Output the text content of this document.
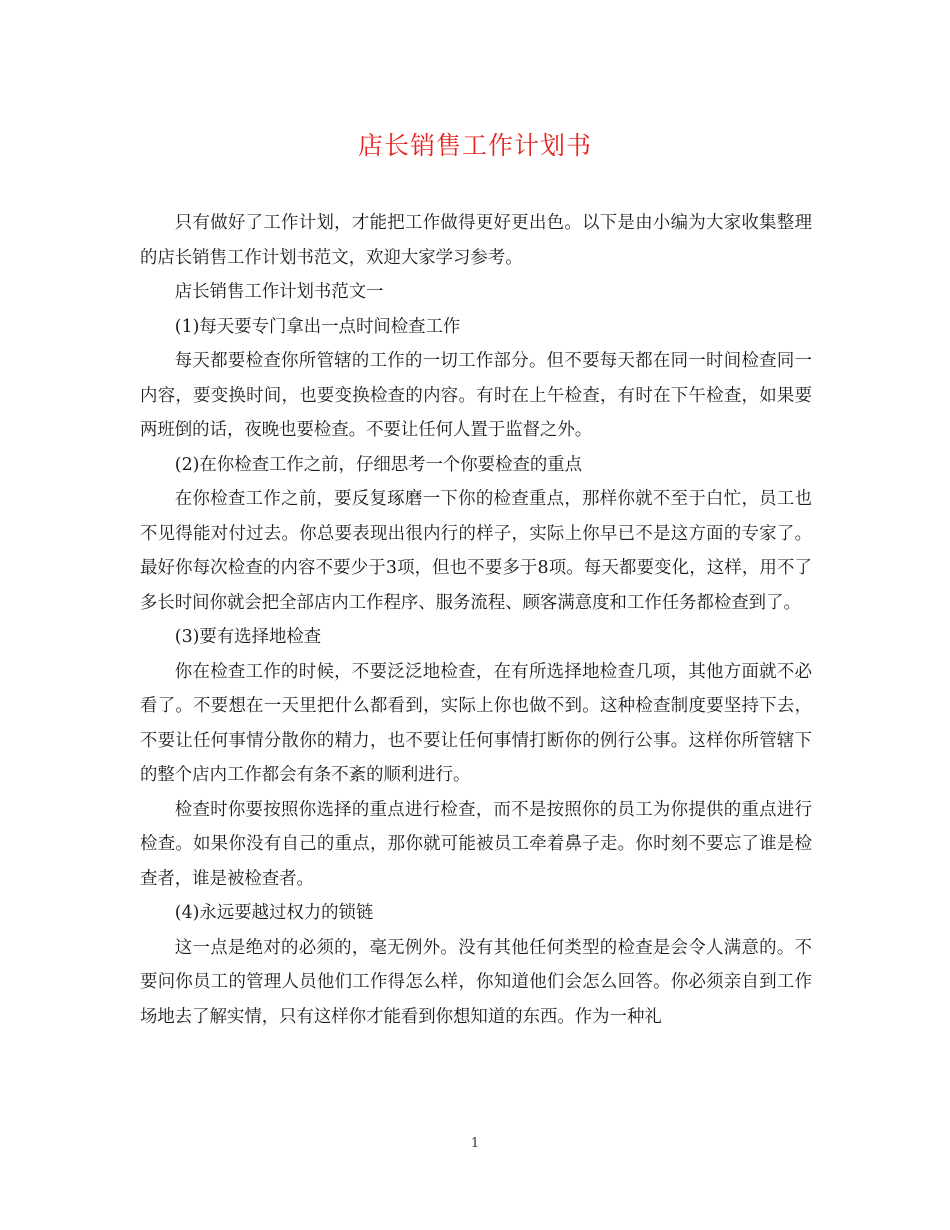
店长销售工作计划书

只有做好了工作计划，才能把工作做得更好更出色。以下是由小编为大家收集整理的店长销售工作计划书范文，欢迎大家学习参考。

店长销售工作计划书范文一

(1)每天要专门拿出一点时间检查工作

每天都要检查你所管辖的工作的一切工作部分。但不要每天都在同一时间检查同一内容，要变换时间，也要变换检查的内容。有时在上午检查，有时在下午检查，如果要两班倒的话，夜晚也要检查。不要让任何人置于监督之外。

(2)在你检查工作之前，仔细思考一个你要检查的重点

在你检查工作之前，要反复琢磨一下你的检查重点，那样你就不至于白忙，员工也不见得能对付过去。你总要表现出很内行的样子，实际上你早已不是这方面的专家了。最好你每次检查的内容不要少于3项，但也不要多于8项。每天都要变化，这样，用不了多长时间你就会把全部店内工作程序、服务流程、顾客满意度和工作任务都检查到了。

(3)要有选择地检查

你在检查工作的时候，不要泛泛地检查，在有所选择地检查几项，其他方面就不必看了。不要想在一天里把什么都看到，实际上你也做不到。这种检查制度要坚持下去，不要让任何事情分散你的精力，也不要让任何事情打断你的例行公事。这样你所管辖下的整个店内工作都会有条不紊的顺利进行。

检查时你要按照你选择的重点进行检查，而不是按照你的员工为你提供的重点进行检查。如果你没有自己的重点，那你就可能被员工牵着鼻子走。你时刻不要忘了谁是检查者，谁是被检查者。

(4)永远要越过权力的锁链

这一点是绝对的必须的，毫无例外。没有其他任何类型的检查是会令人满意的。不要问你员工的管理人员他们工作得怎么样，你知道他们会怎么回答。你必须亲自到工作场地去了解实情，只有这样你才能看到你想知道的东西。作为一种礼

1
